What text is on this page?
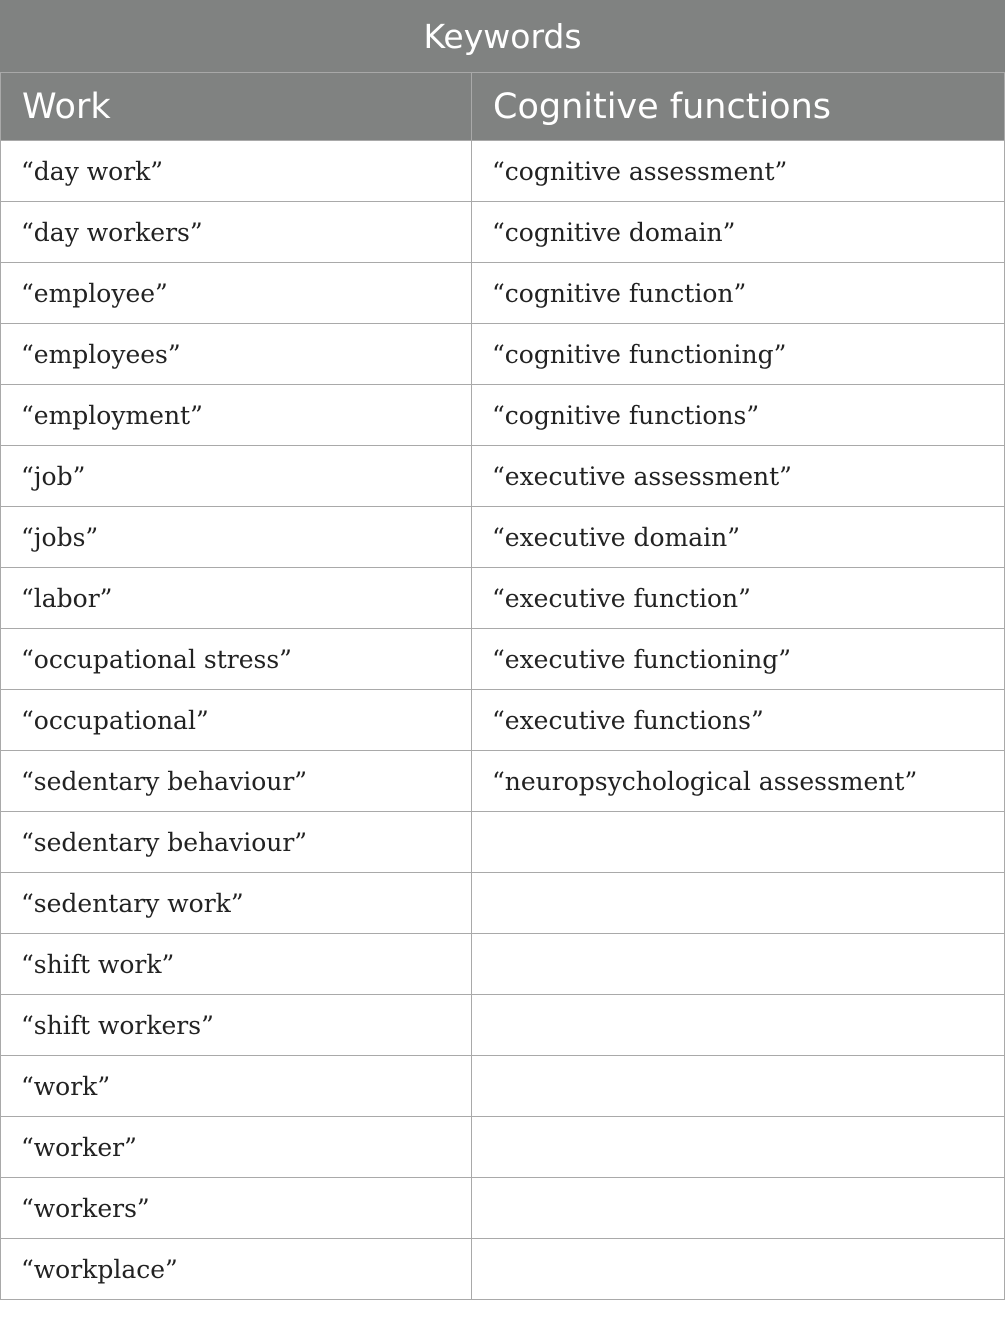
Keywords	
Work	Cognitive functions
“day work”	“cognitive assessment”
“day workers”	“cognitive domain”
“employee”	“cognitive function”
“employees”	“cognitive functioning”
“employment”	“cognitive functions”
“job”	“executive assessment”
“jobs”	“executive domain”
“labor”	“executive function”
“occupational stress”	“executive functioning”
“occupational”	“executive functions”
“sedentary behaviour”	“neuropsychological assessment”
“sedentary behaviour”	
“sedentary work”	
“shift work”	
“shift workers”	
“work”	
“worker”	
“workers”	
“workplace”	
